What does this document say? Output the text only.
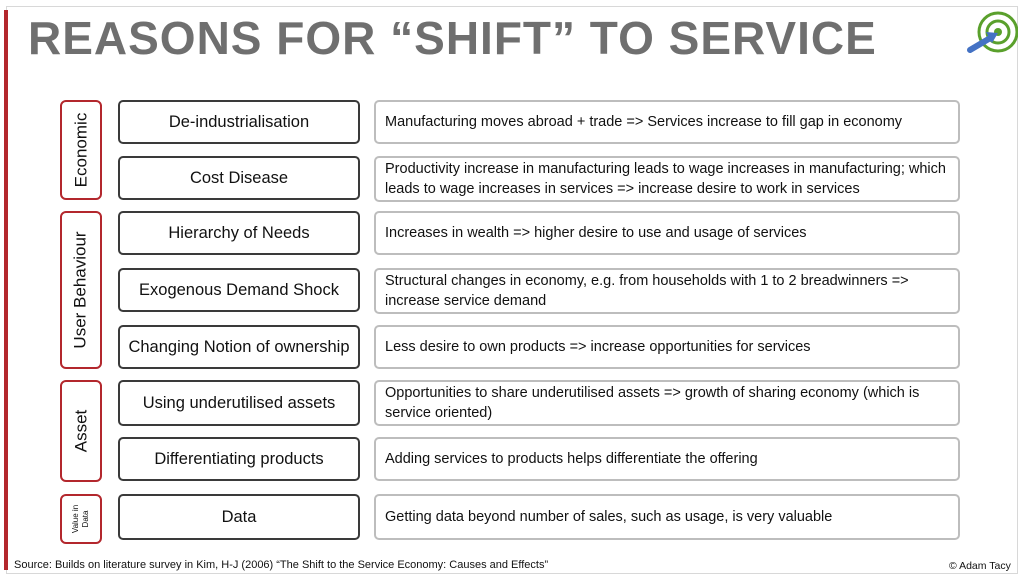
REASONS FOR “SHIFT” TO SERVICE
Economic
User Behaviour
Asset
Value in Data
De-industrialisation
Cost Disease
Hierarchy of Needs
Exogenous Demand Shock
Changing Notion of ownership
Using underutilised assets
Differentiating products
Data
Manufacturing moves abroad + trade => Services increase to fill gap in economy
Productivity increase in manufacturing leads to wage increases in manufacturing; which leads to wage increases in services => increase desire to work in services
Increases in wealth => higher desire to use and usage of services
Structural changes in economy, e.g. from households with 1 to 2 breadwinners => increase service demand
Less desire to own products => increase opportunities for services
Opportunities to share underutilised assets => growth of sharing economy (which is service oriented)
Adding services to products helps differentiate the offering
Getting data beyond number of sales, such as usage, is very valuable
Source: Builds on literature survey in Kim, H-J (2006) “The Shift to the Service Economy: Causes and Effects”	© Adam Tacy
